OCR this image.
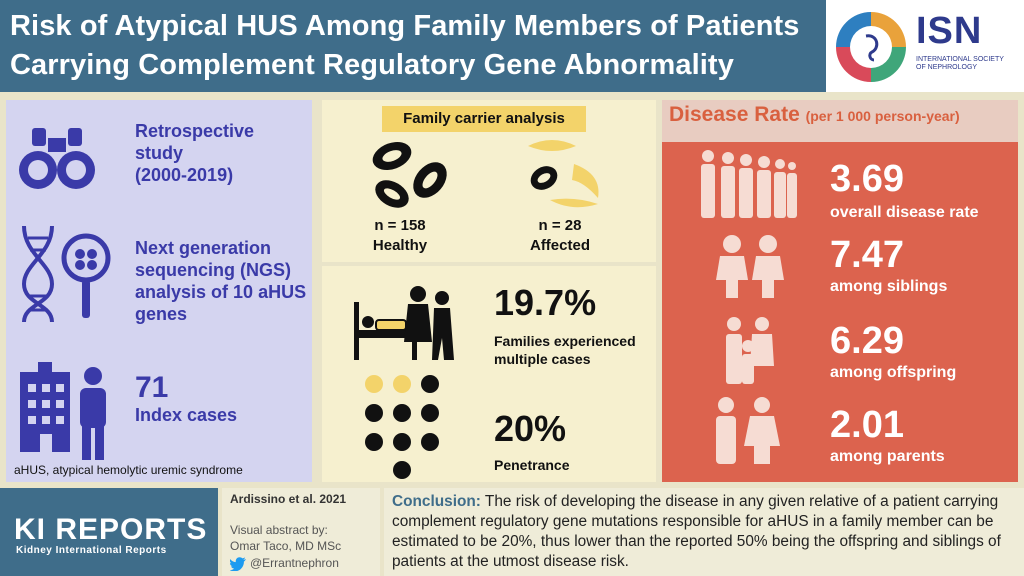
Risk of Atypical HUS Among Family Members of Patients
Carrying Complement Regulatory Gene Abnormality
ISN
INTERNATIONAL SOCIETY
OF NEPHROLOGY
Retrospective
study
(2000-2019)
Next generation
sequencing (NGS)
analysis of 10 aHUS
genes
71
Index cases
aHUS, atypical hemolytic uremic syndrome
Family carrier analysis
n = 158
Healthy
n = 28
Affected
19.7%
Families experienced
multiple cases
20%
Penetrance
Disease Rate (per 1 000 person-year)
3.69
overall disease rate
7.47
among siblings
6.29
among offspring
2.01
among parents
KI REPORTS
Kidney International Reports
Ardissino et al. 2021
Visual abstract by:
Omar Taco, MD MSc
@Errantnephron
Conclusion: The risk of developing the disease in any given relative of a patient carrying complement regulatory gene mutations responsible for aHUS in a family member can be estimated to be 20%, thus lower than the reported 50% being the offspring and siblings of patients at the utmost disease risk.
